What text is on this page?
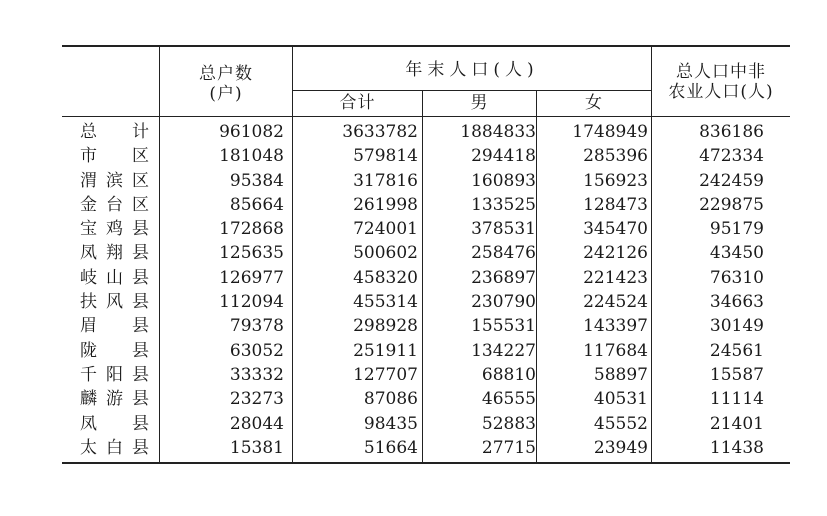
总户数
(户)
年末人口(人)
合计	男	女
总人口中非
农业人口(人)
总计	961082	3633782	1884833	1748949	836186
市区	181048	579814	294418	285396	472334
渭滨区	95384	317816	160893	156923	242459
金台区	85664	261998	133525	128473	229875
宝鸡县	172868	724001	378531	345470	95179
凤翔县	125635	500602	258476	242126	43450
岐山县	126977	458320	236897	221423	76310
扶风县	112094	455314	230790	224524	34663
眉县	79378	298928	155531	143397	30149
陇县	63052	251911	134227	117684	24561
千阳县	33332	127707	68810	58897	15587
麟游县	23273	87086	46555	40531	11114
凤县	28044	98435	52883	45552	21401
太白县	15381	51664	27715	23949	11438
